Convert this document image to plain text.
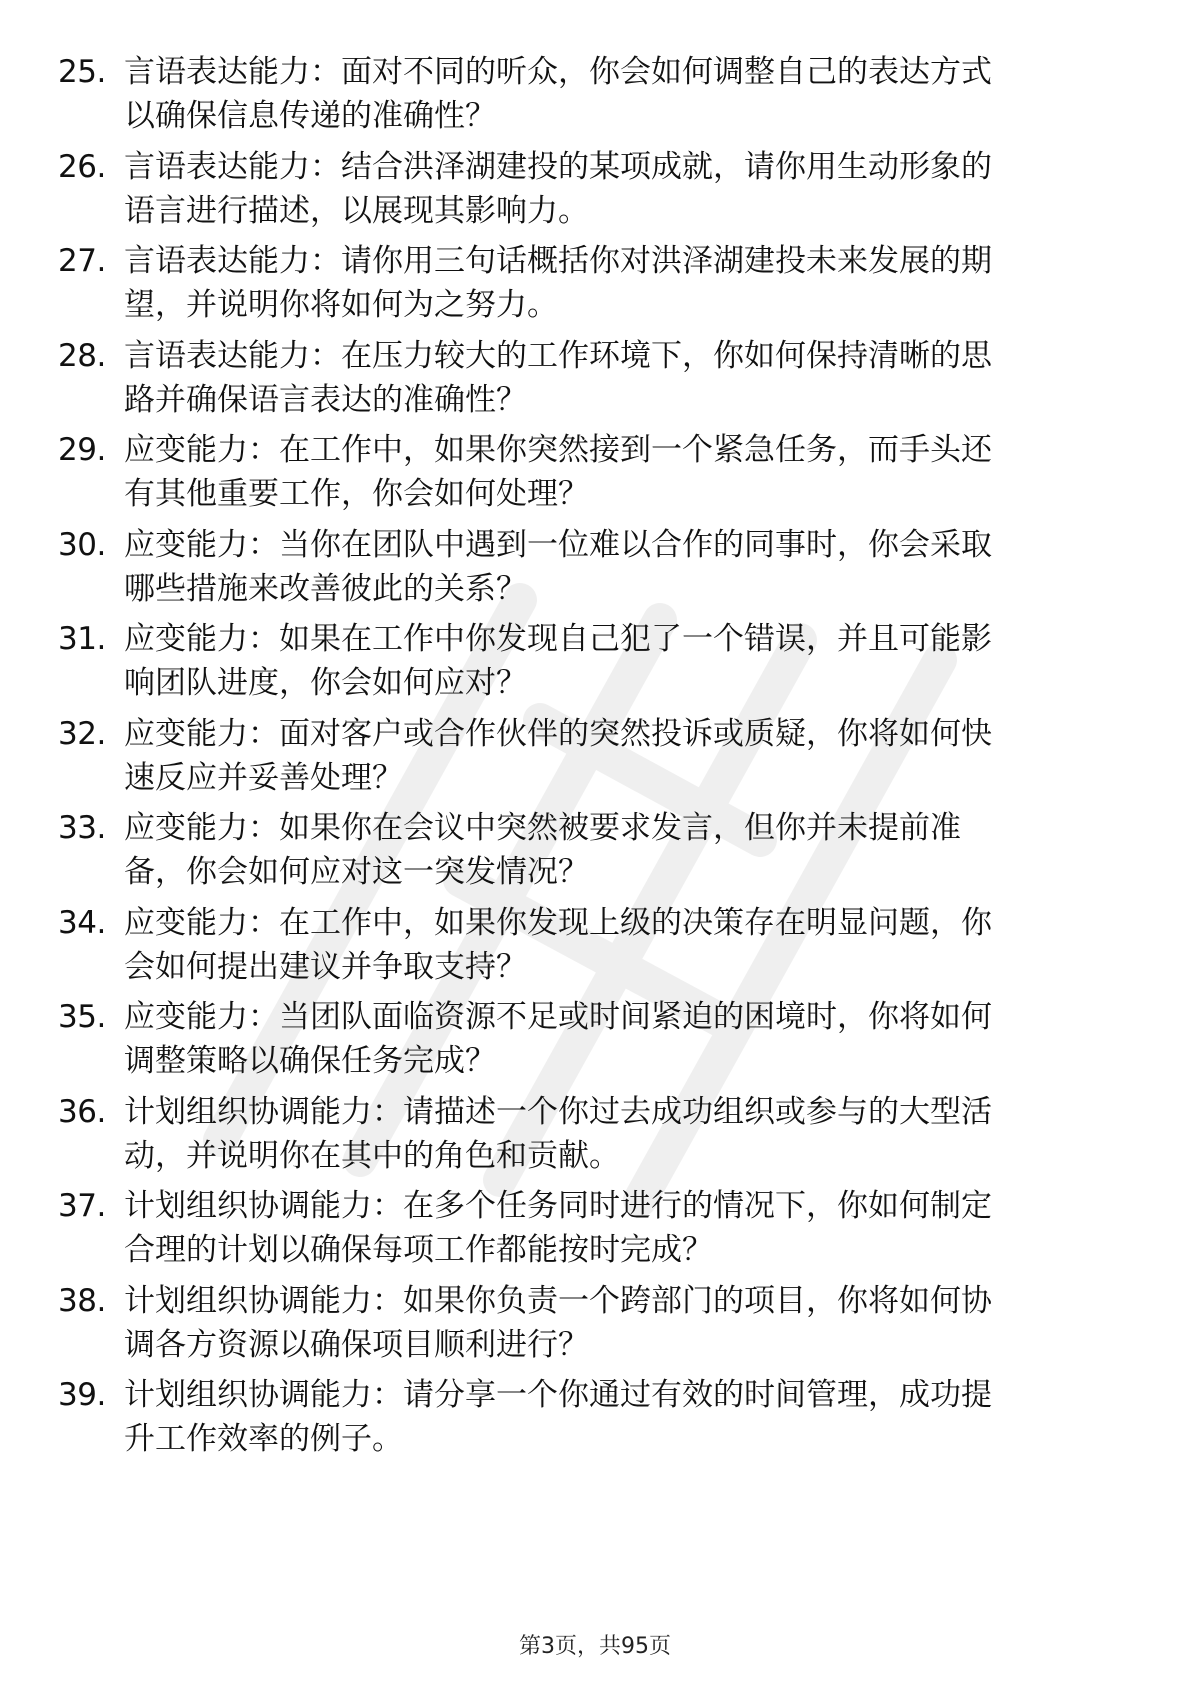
25. 言语表达能力：面对不同的听众，你会如何调整自己的表达方式
以确保信息传递的准确性？
26. 言语表达能力：结合洪泽湖建投的某项成就，请你用生动形象的
语言进行描述，以展现其影响力。
27. 言语表达能力：请你用三句话概括你对洪泽湖建投未来发展的期
望，并说明你将如何为之努力。
28. 言语表达能力：在压力较大的工作环境下，你如何保持清晰的思
路并确保语言表达的准确性？
29. 应变能力：在工作中，如果你突然接到一个紧急任务，而手头还
有其他重要工作，你会如何处理？
30. 应变能力：当你在团队中遇到一位难以合作的同事时，你会采取
哪些措施来改善彼此的关系？
31. 应变能力：如果在工作中你发现自己犯了一个错误，并且可能影
响团队进度，你会如何应对？
32. 应变能力：面对客户或合作伙伴的突然投诉或质疑，你将如何快
速反应并妥善处理？
33. 应变能力：如果你在会议中突然被要求发言，但你并未提前准
备，你会如何应对这一突发情况？
34. 应变能力：在工作中，如果你发现上级的决策存在明显问题，你
会如何提出建议并争取支持？
35. 应变能力：当团队面临资源不足或时间紧迫的困境时，你将如何
调整策略以确保任务完成？
36. 计划组织协调能力：请描述一个你过去成功组织或参与的大型活
动，并说明你在其中的角色和贡献。
37. 计划组织协调能力：在多个任务同时进行的情况下，你如何制定
合理的计划以确保每项工作都能按时完成？
38. 计划组织协调能力：如果你负责一个跨部门的项目，你将如何协
调各方资源以确保项目顺利进行？
39. 计划组织协调能力：请分享一个你通过有效的时间管理，成功提
升工作效率的例子。
第3页，共95页
